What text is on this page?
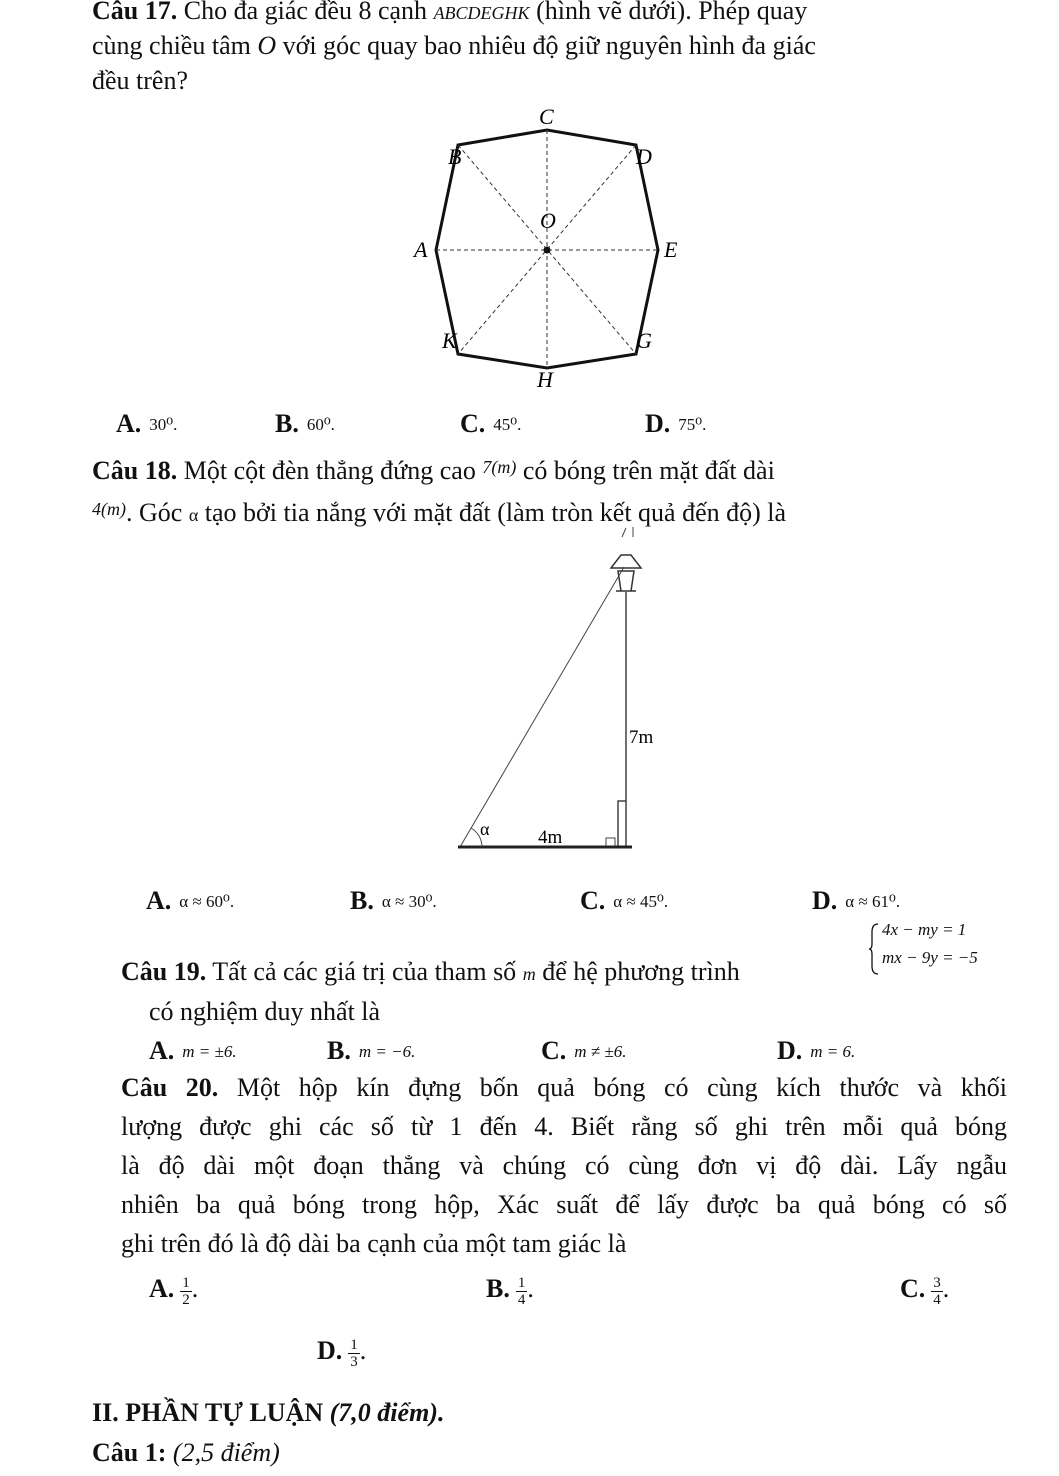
Câu 17. Cho đa giác đều 8 cạnh ABCDEGHK (hình vẽ dưới). Phép quay
cùng chiều tâm O với góc quay bao nhiêu độ giữ nguyên hình đa giác
đều trên?
C
B	D
O
A	E
K	G
H
A. 30⁰.	B. 60⁰.	C. 45⁰.	D. 75⁰.
Câu 18. Một cột đèn thẳng đứng cao $^{7(m)}$ có bóng trên mặt đất dài
$^{4(m)}$. Góc α tạo bởi tia nắng với mặt đất (làm tròn kết quả đến độ) là
7m
α	4m
A. α ≈ 60⁰.	B. α ≈ 30⁰.	C. α ≈ 45⁰.	D. α ≈ 61⁰.
Câu 19. Tất cả các giá trị của tham số m để hệ phương trình
4x − my = 1
mx − 9y = −5
có nghiệm duy nhất là
A. m = ±6.	B. m = −6.	C. m ≠ ±6.	D. m = 6.
Câu 20. Một hộp kín đựng bốn quả bóng có cùng kích thước và khối
lượng được ghi các số từ 1 đến 4. Biết rằng số ghi trên mỗi quả bóng
là độ dài một đoạn thẳng và chúng có cùng đơn vị độ dài. Lấy ngẫu
nhiên ba quả bóng trong hộp, Xác suất để lấy được ba quả bóng có số
ghi trên đó là độ dài ba cạnh của một tam giác là
A. $\frac{1}{2}$ .	B. $\frac{1}{4}$ .	C. $\frac{3}{4}$ .
D. $\frac{1}{3}$ .
II. PHẦN TỰ LUẬN (7,0 điểm).
Câu 1: (2,5 điểm)
